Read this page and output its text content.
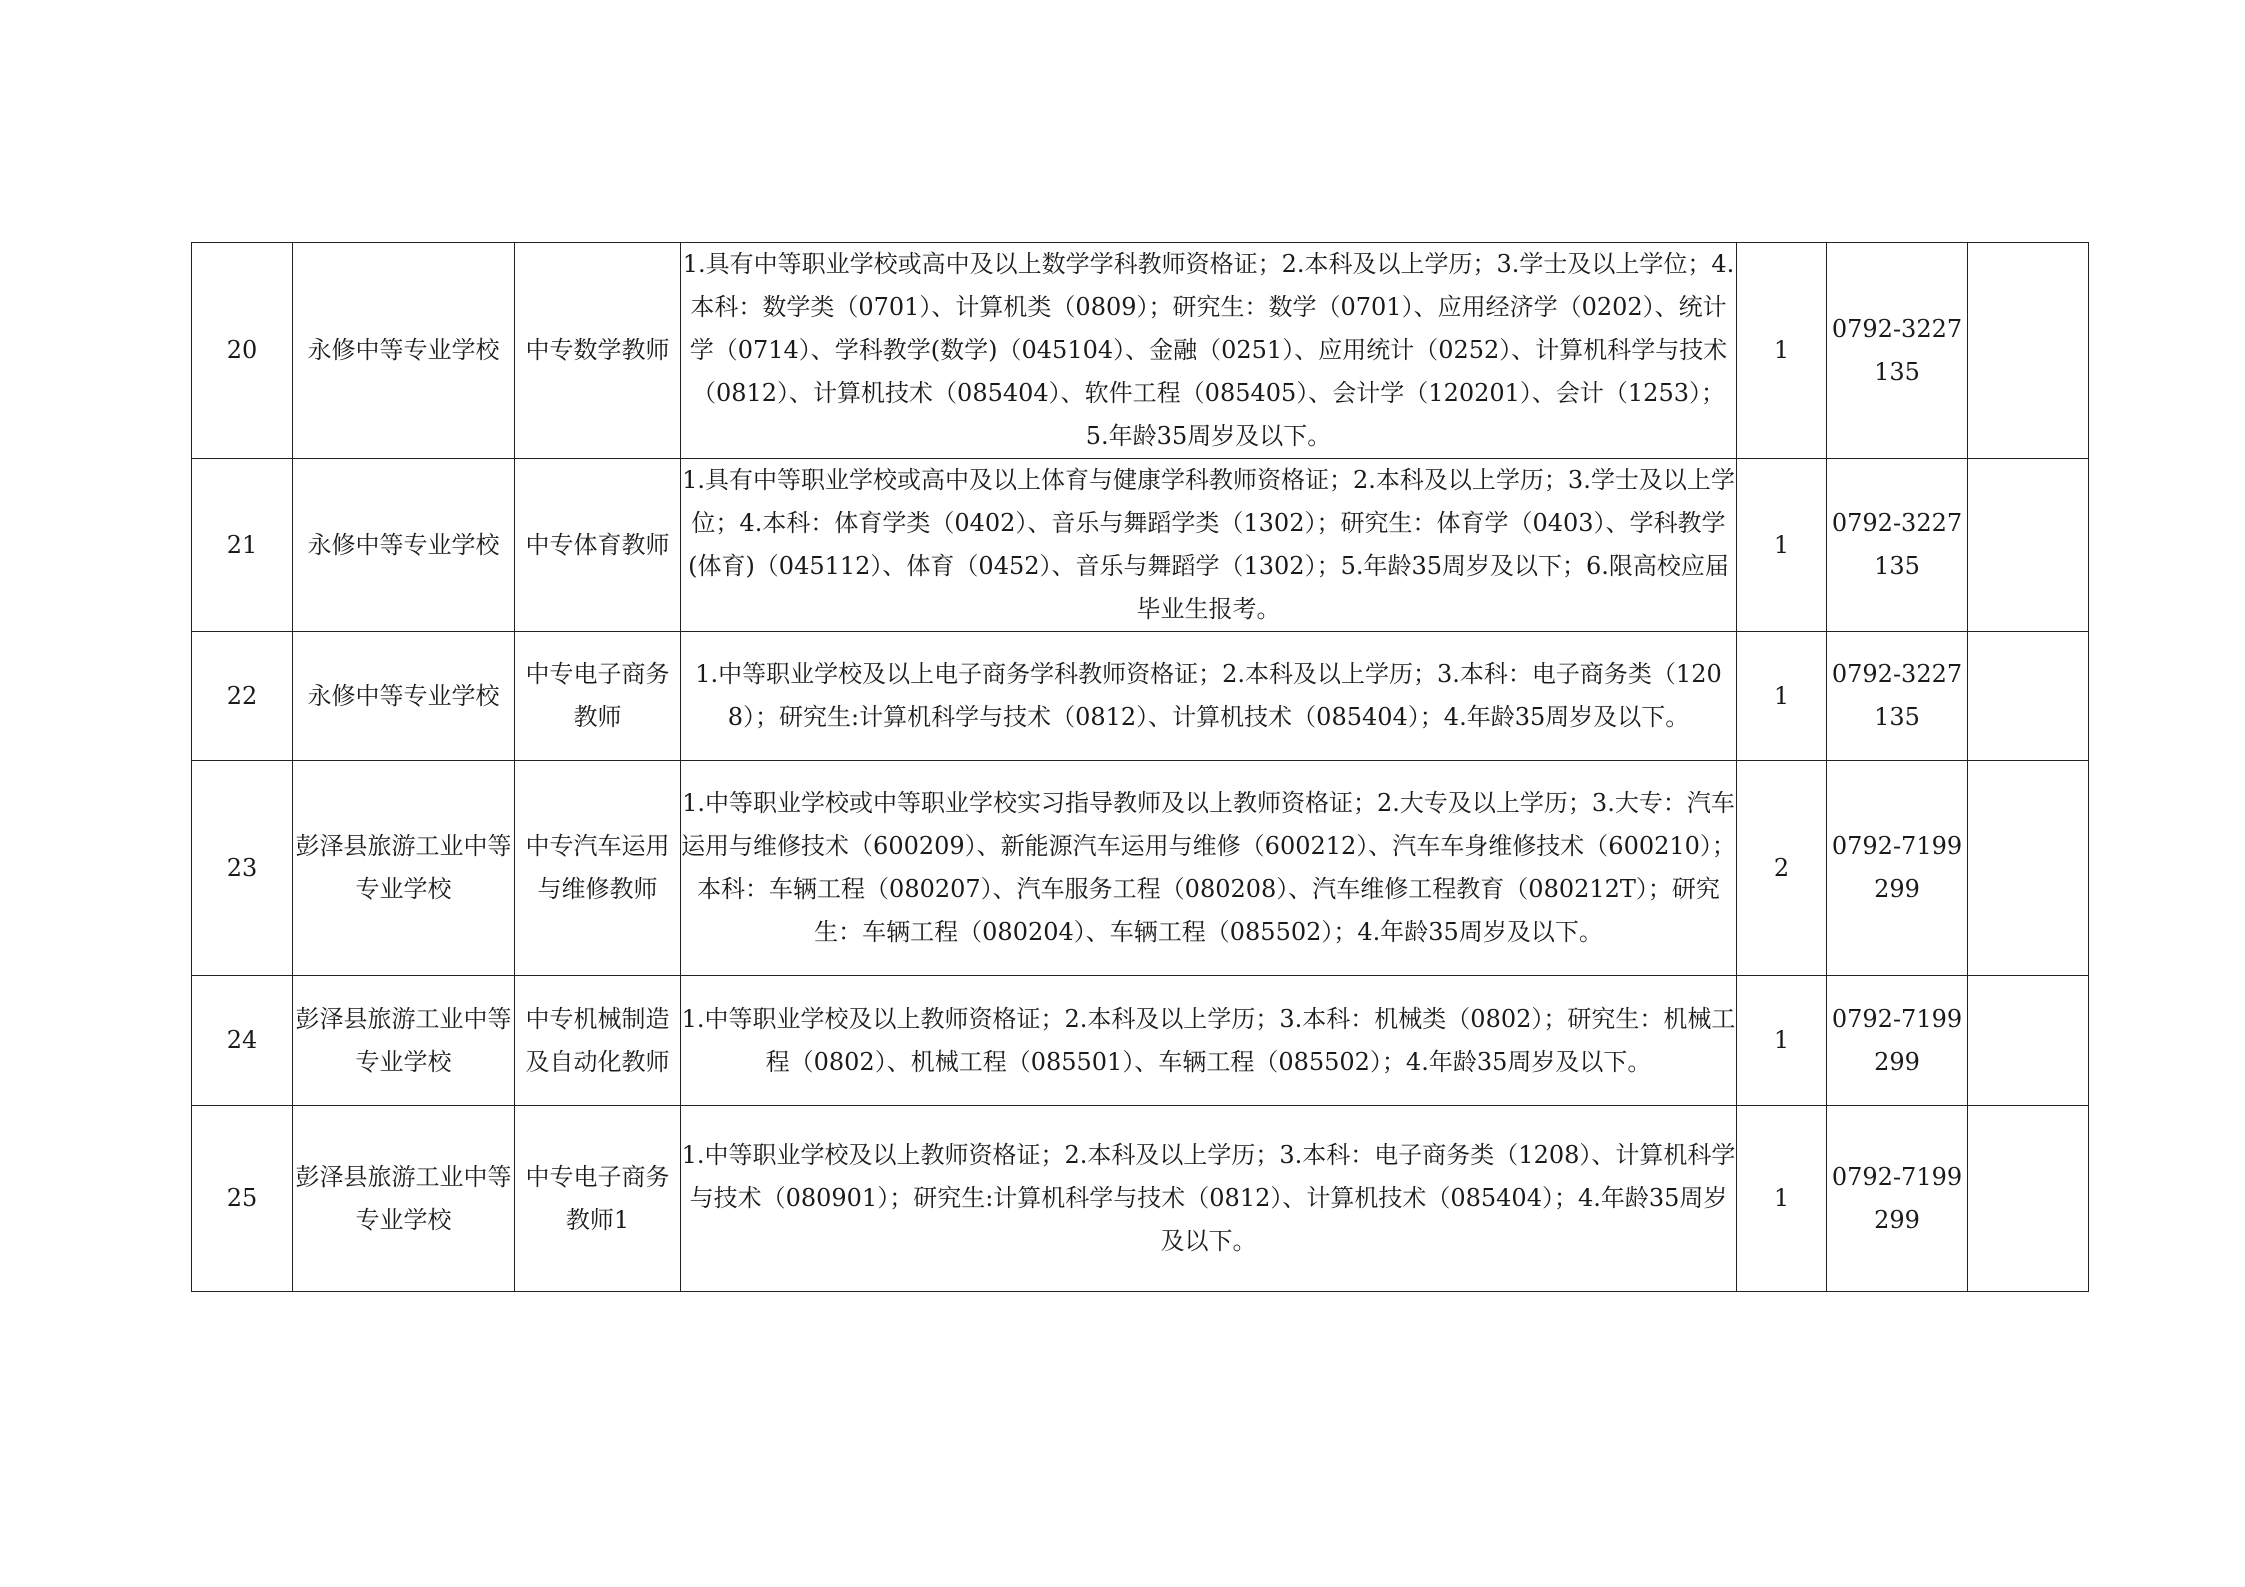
20	永修中等专业学校	中专数学教师	1.具有中等职业学校或高中及以上数学学科教师资格证；2.本科及以上学历；3.学士及以上学位；4.本科：数学类（0701）、计算机类（0809）；研究生：数学（0701）、应用经济学（0202）、统计学（0714）、学科教学(数学)（045104）、金融（0251）、应用统计（0252）、计算机科学与技术（0812）、计算机技术（085404）、软件工程（085405）、会计学（120201）、会计（1253）；5.年龄35周岁及以下。	1	0792-3227135	
21	永修中等专业学校	中专体育教师	1.具有中等职业学校或高中及以上体育与健康学科教师资格证；2.本科及以上学历；3.学士及以上学位；4.本科：体育学类（0402）、音乐与舞蹈学类（1302）；研究生：体育学（0403）、学科教学(体育)（045112）、体育（0452）、音乐与舞蹈学（1302）；5.年龄35周岁及以下；6.限高校应届毕业生报考。	1	0792-3227135	
22	永修中等专业学校	中专电子商务教师	1.中等职业学校及以上电子商务学科教师资格证；2.本科及以上学历；3.本科：电子商务类（1208）；研究生:计算机科学与技术（0812）、计算机技术（085404）；4.年龄35周岁及以下。	1	0792-3227135	
23	彭泽县旅游工业中等专业学校	中专汽车运用与维修教师	1.中等职业学校或中等职业学校实习指导教师及以上教师资格证；2.大专及以上学历；3.大专：汽车运用与维修技术（600209）、新能源汽车运用与维修（600212）、汽车车身维修技术（600210）；本科：车辆工程（080207）、汽车服务工程（080208）、汽车维修工程教育（080212T）；研究生：车辆工程（080204）、车辆工程（085502）；4.年龄35周岁及以下。	2	0792-7199299	
24	彭泽县旅游工业中等专业学校	中专机械制造及自动化教师	1.中等职业学校及以上教师资格证；2.本科及以上学历；3.本科：机械类（0802）；研究生：机械工程（0802）、机械工程（085501）、车辆工程（085502）；4.年龄35周岁及以下。	1	0792-7199299	
25	彭泽县旅游工业中等专业学校	中专电子商务教师1	1.中等职业学校及以上教师资格证；2.本科及以上学历；3.本科：电子商务类（1208）、计算机科学与技术（080901）；研究生:计算机科学与技术（0812）、计算机技术（085404）；4.年龄35周岁及以下。	1	0792-7199299	
